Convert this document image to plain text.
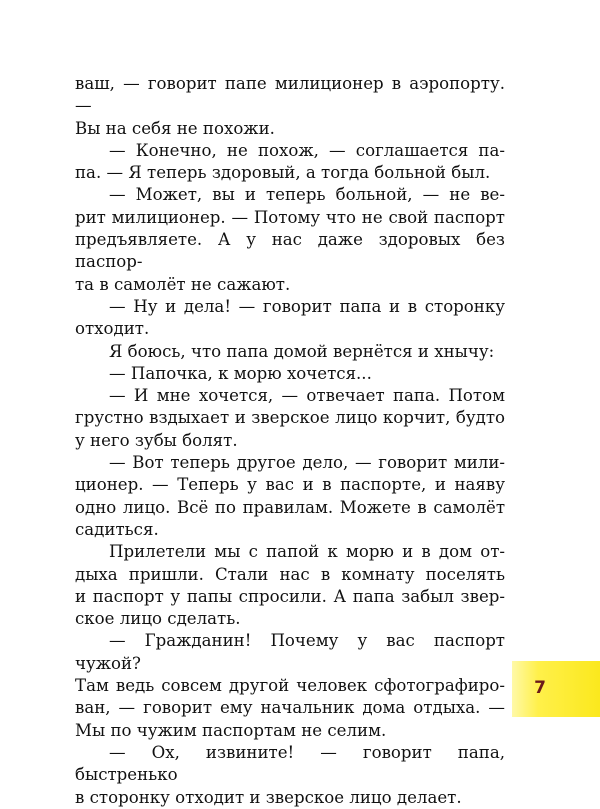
ваш, — говорит папе милиционер в аэропорту. —

Вы на себя не похожи.

— Конечно, не похож, — соглашается па-

па. — Я теперь здоровый, а тогда больной был.

— Может, вы и теперь больной, — не ве-

рит милиционер. — Потому что не свой паспорт

предъявляете. А у нас даже здоровых без паспор-

та в самолёт не сажают.

— Ну и дела! — говорит папа и в сторонку

отходит.

Я боюсь, что папа домой вернётся и хнычу:

— Папочка, к морю хочется...

— И мне хочется, — отвечает папа. Потом

грустно вздыхает и зверское лицо корчит, будто

у него зубы болят.

— Вот теперь другое дело, — говорит мили-

ционер. — Теперь у вас и в паспорте, и наяву

одно лицо. Всё по правилам. Можете в самолёт

садиться.

Прилетели мы с папой к морю и в дом от-

дыха пришли. Стали нас в комнату поселять

и паспорт у папы спросили. А папа забыл звер-

ское лицо сделать.

— Гражданин! Почему у вас паспорт чужой?

Там ведь совсем другой человек сфотографиро-

ван, — говорит ему начальник дома отдыха. —

Мы по чужим паспортам не селим.

— Ох, извините! — говорит папа, быстренько

в сторонку отходит и зверское лицо делает.

7
